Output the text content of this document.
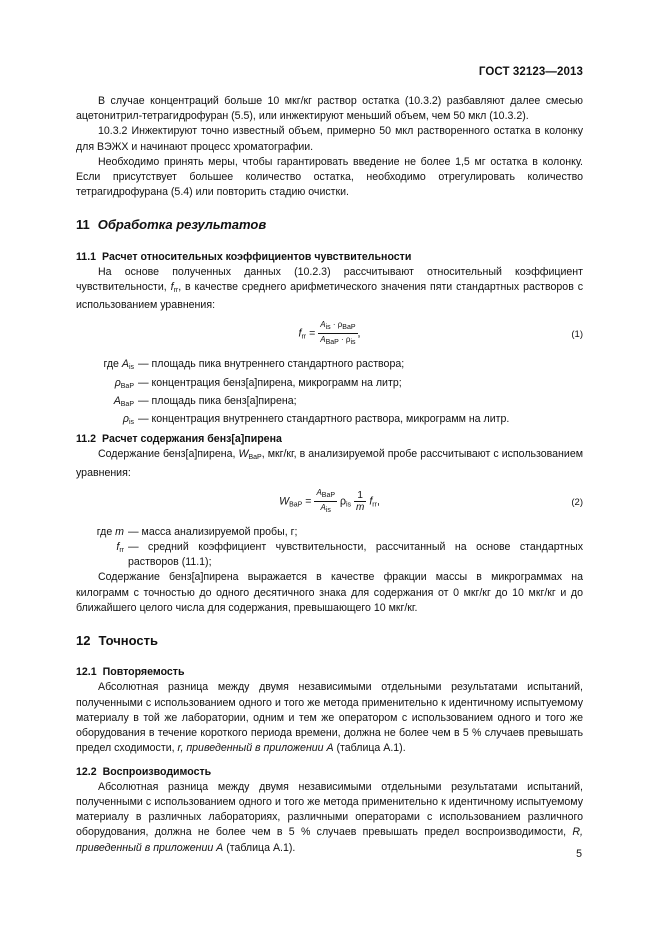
ГОСТ 32123—2013

В случае концентраций больше 10 мкг/кг раствор остатка (10.3.2) разбавляют далее смесью ацетонитрил-тетрагидрофуран (5.5), или инжектируют меньший объем, чем 50 мкл (10.3.2).

10.3.2 Инжектируют точно известный объем, примерно 50 мкл растворенного остатка в колонку для ВЭЖХ и начинают процесс хроматографии.

Необходимо принять меры, чтобы гарантировать введение не более 1,5 мг остатка в колонку. Если присутствует большее количество остатка, необходимо отрегулировать количество тетрагидрофурана (5.4) или повторить стадию очистки.

11 Обработка результатов
11.1 Расчет относительных коэффициентов чувствительности

На основе полученных данных (10.2.3) рассчитывают относительный коэффициент чувствительности, $f_{rr}$, в качестве среднего арифметического значения пяти стандартных растворов с использованием уравнения:

$f_{rr} = \frac{A_{is} \cdot \rho_{BaP}}{A_{BaP} \cdot \rho_{is}}$ ,	(1)
где $A_{is}$ — площадь пика внутреннего стандартного раствора;
$\rho_{BaP}$ — концентрация бенз[а]пирена, микрограмм на литр;
$A_{BaP}$ — площадь пика бенз[а]пирена;
$\rho_{is}$ — концентрация внутреннего стандартного раствора, микрограмм на литр.
11.2 Расчет содержания бенз[а]пирена

Содержание бенз[а]пирена, $W_{BaP}$, мкг/кг, в анализируемой пробе рассчитывают с использованием уравнения:

$W_{BaP} = \frac{A_{BaP}}{A_{is}} \rho_{is} \frac{1}{m} f_{rr}$,	(2)
где m — масса анализируемой пробы, г;
$f_{rr}$ — средний коэффициент чувствительности, рассчитанный на основе стандартных растворов (11.1);

Содержание бенз[а]пирена выражается в качестве фракции массы в микрограммах на килограмм с точностью до одного десятичного знака для содержания от 0 мкг/кг до 10 мкг/кг и до ближайшего целого числа для содержания, превышающего 10 мкг/кг.

12 Точность
12.1 Повторяемость

Абсолютная разница между двумя независимыми отдельными результатами испытаний, полученными с использованием одного и того же метода применительно к идентичному испытуемому материалу в той же лаборатории, одним и тем же оператором с использованием одного и того же оборудования в течение короткого периода времени, должна не более чем в 5 % случаев превышать предел сходимости, r, приведенный в приложении А (таблица А.1).

12.2 Воспроизводимость

Абсолютная разница между двумя независимыми отдельными результатами испытаний, полученными с использованием одного и того же метода применительно к идентичному испытуемому материалу в различных лабораториях, различными операторами с использованием различного оборудования, должна не более чем в 5 % случаев превышать предел воспроизводимости, R, приведенный в приложении А (таблица А.1).

5
